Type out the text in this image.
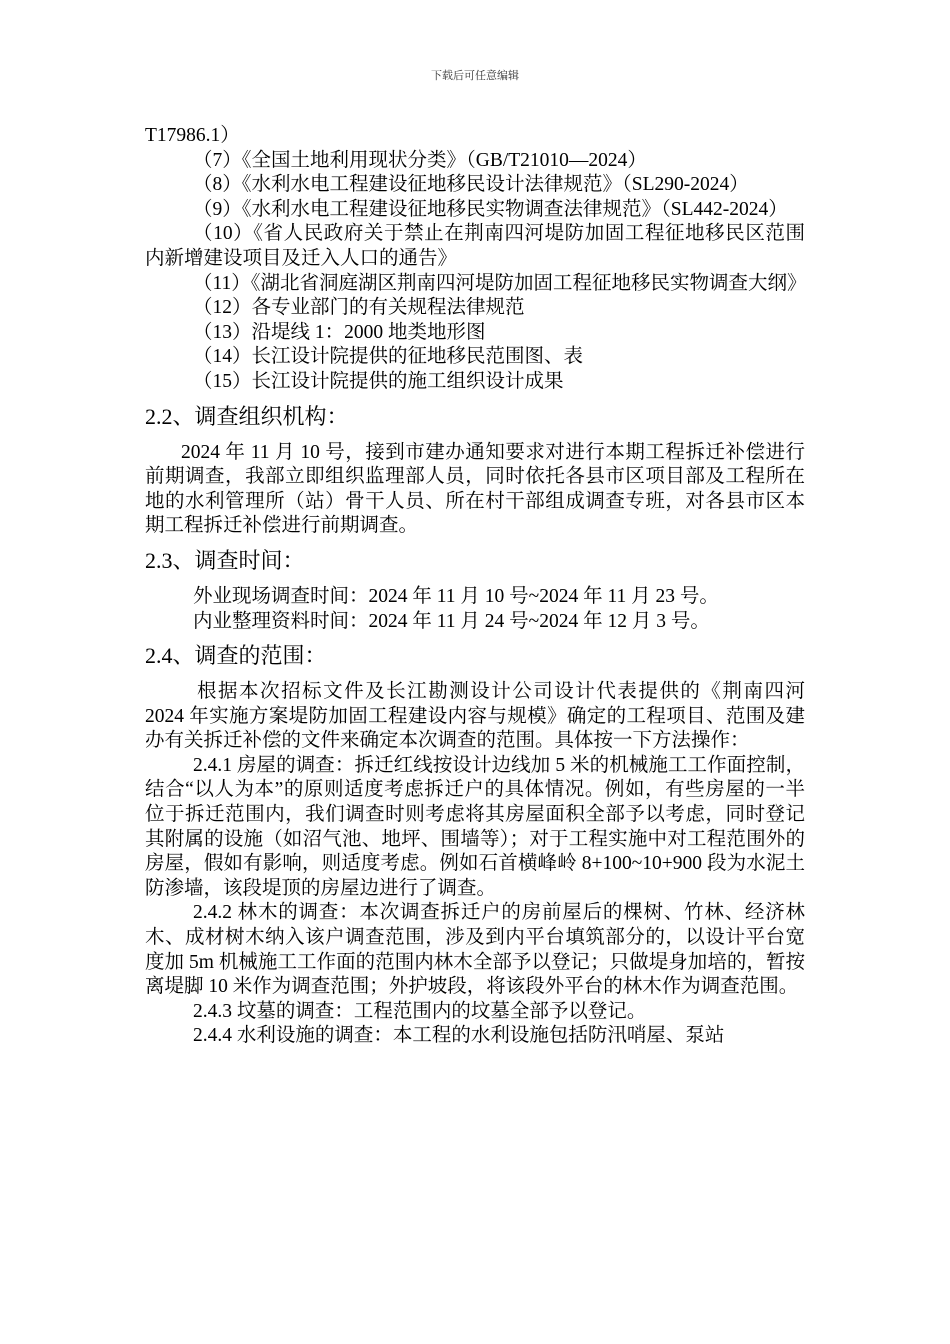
下载后可任意编辑

T17986.1）

（7）《全国土地利用现状分类》（GB/T21010—2024）

（8）《水利水电工程建设征地移民设计法律规范》（SL290-2024）

（9）《水利水电工程建设征地移民实物调查法律规范》（SL442-2024）

（10）《省人民政府关于禁止在荆南四河堤防加固工程征地移民区范围内新增建设项目及迁入人口的通告》

（11）《湖北省洞庭湖区荆南四河堤防加固工程征地移民实物调查大纲》

（12）各专业部门的有关规程法律规范

（13）沿堤线 1：2000 地类地形图

（14）长江设计院提供的征地移民范围图、表

（15）长江设计院提供的施工组织设计成果

2.2、调查组织机构：

2024 年 11 月 10 号，接到市建办通知要求对进行本期工程拆迁补偿进行前期调查，我部立即组织监理部人员，同时依托各县市区项目部及工程所在地的水利管理所（站）骨干人员、所在村干部组成调查专班，对各县市区本期工程拆迁补偿进行前期调查。

2.3、调查时间：

外业现场调查时间：2024 年 11 月 10 号~2024 年 11 月 23 号。

内业整理资料时间：2024 年 11 月 24 号~2024 年 12 月 3 号。

2.4、调查的范围：

根据本次招标文件及长江勘测设计公司设计代表提供的《荆南四河 2024 年实施方案堤防加固工程建设内容与规模》确定的工程项目、范围及建办有关拆迁补偿的文件来确定本次调查的范围。具体按一下方法操作：

2.4.1 房屋的调查：拆迁红线按设计边线加 5 米的机械施工工作面控制，结合“以人为本”的原则适度考虑拆迁户的具体情况。例如，有些房屋的一半位于拆迁范围内，我们调查时则考虑将其房屋面积全部予以考虑，同时登记其附属的设施（如沼气池、地坪、围墙等）；对于工程实施中对工程范围外的房屋，假如有影响，则适度考虑。例如石首横峰岭 8+100~10+900 段为水泥土防渗墙，该段堤顶的房屋边进行了调查。

2.4.2 林木的调查：本次调查拆迁户的房前屋后的棵树、竹林、经济林木、成材树木纳入该户调查范围，涉及到内平台填筑部分的，以设计平台宽度加 5m 机械施工工作面的范围内林木全部予以登记；只做堤身加培的，暂按离堤脚 10 米作为调查范围；外护坡段，将该段外平台的林木作为调查范围。

2.4.3 坟墓的调查：工程范围内的坟墓全部予以登记。

2.4.4 水利设施的调查：本工程的水利设施包括防汛哨屋、泵站
